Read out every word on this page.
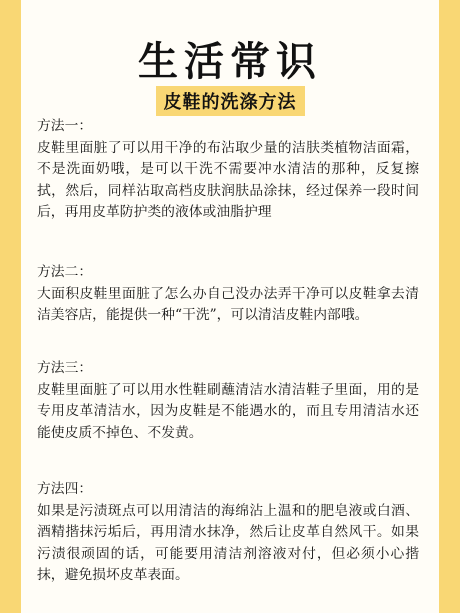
生活常识
皮鞋的洗涤方法
方法一：
皮鞋里面脏了可以用干净的布沾取少量的洁肤类植物洁面霜，不是洗面奶哦，是可以干洗不需要冲水清洁的那种，反复擦拭，然后，同样沾取高档皮肤润肤品涂抹，经过保养一段时间后，再用皮革防护类的液体或油脂护理
方法二：
大面积皮鞋里面脏了怎么办自己没办法弄干净可以皮鞋拿去清洁美容店，能提供一种“干洗”，可以清洁皮鞋内部哦。
方法三：
皮鞋里面脏了可以用水性鞋刷蘸清洁水清洁鞋子里面，用的是专用皮革清洁水，因为皮鞋是不能遇水的，而且专用清洁水还能使皮质不掉色、不发黄。
方法四：
如果是污渍斑点可以用清洁的海绵沾上温和的肥皂液或白酒、酒精揩抹污垢后，再用清水抹净，然后让皮革自然风干。如果污渍很顽固的话，可能要用清洁剂溶液对付，但必须小心揩抹，避免损坏皮革表面。
